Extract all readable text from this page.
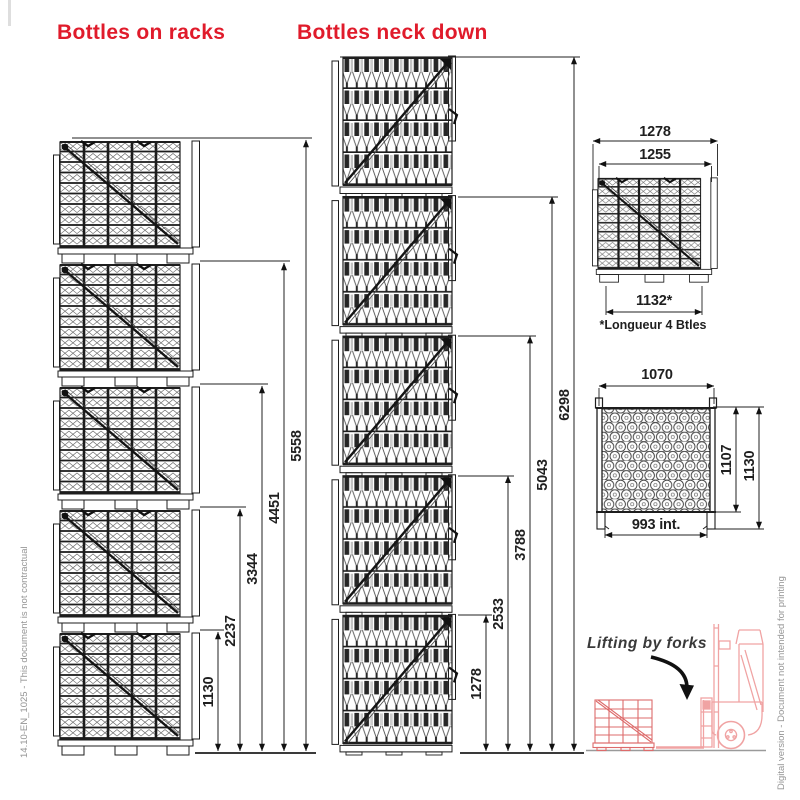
Bottles on racks
1130
2237
3344
4451
5558
Bottles neck down
1278
2533
3788
5043
6298
1278
1255
1132*
*Longueur 4 Btles
1070
993 int.
1107 1130
Lifting by forks
14.10-EN_1025 - This document is not contractual	Digital version - Document not intended for printing
